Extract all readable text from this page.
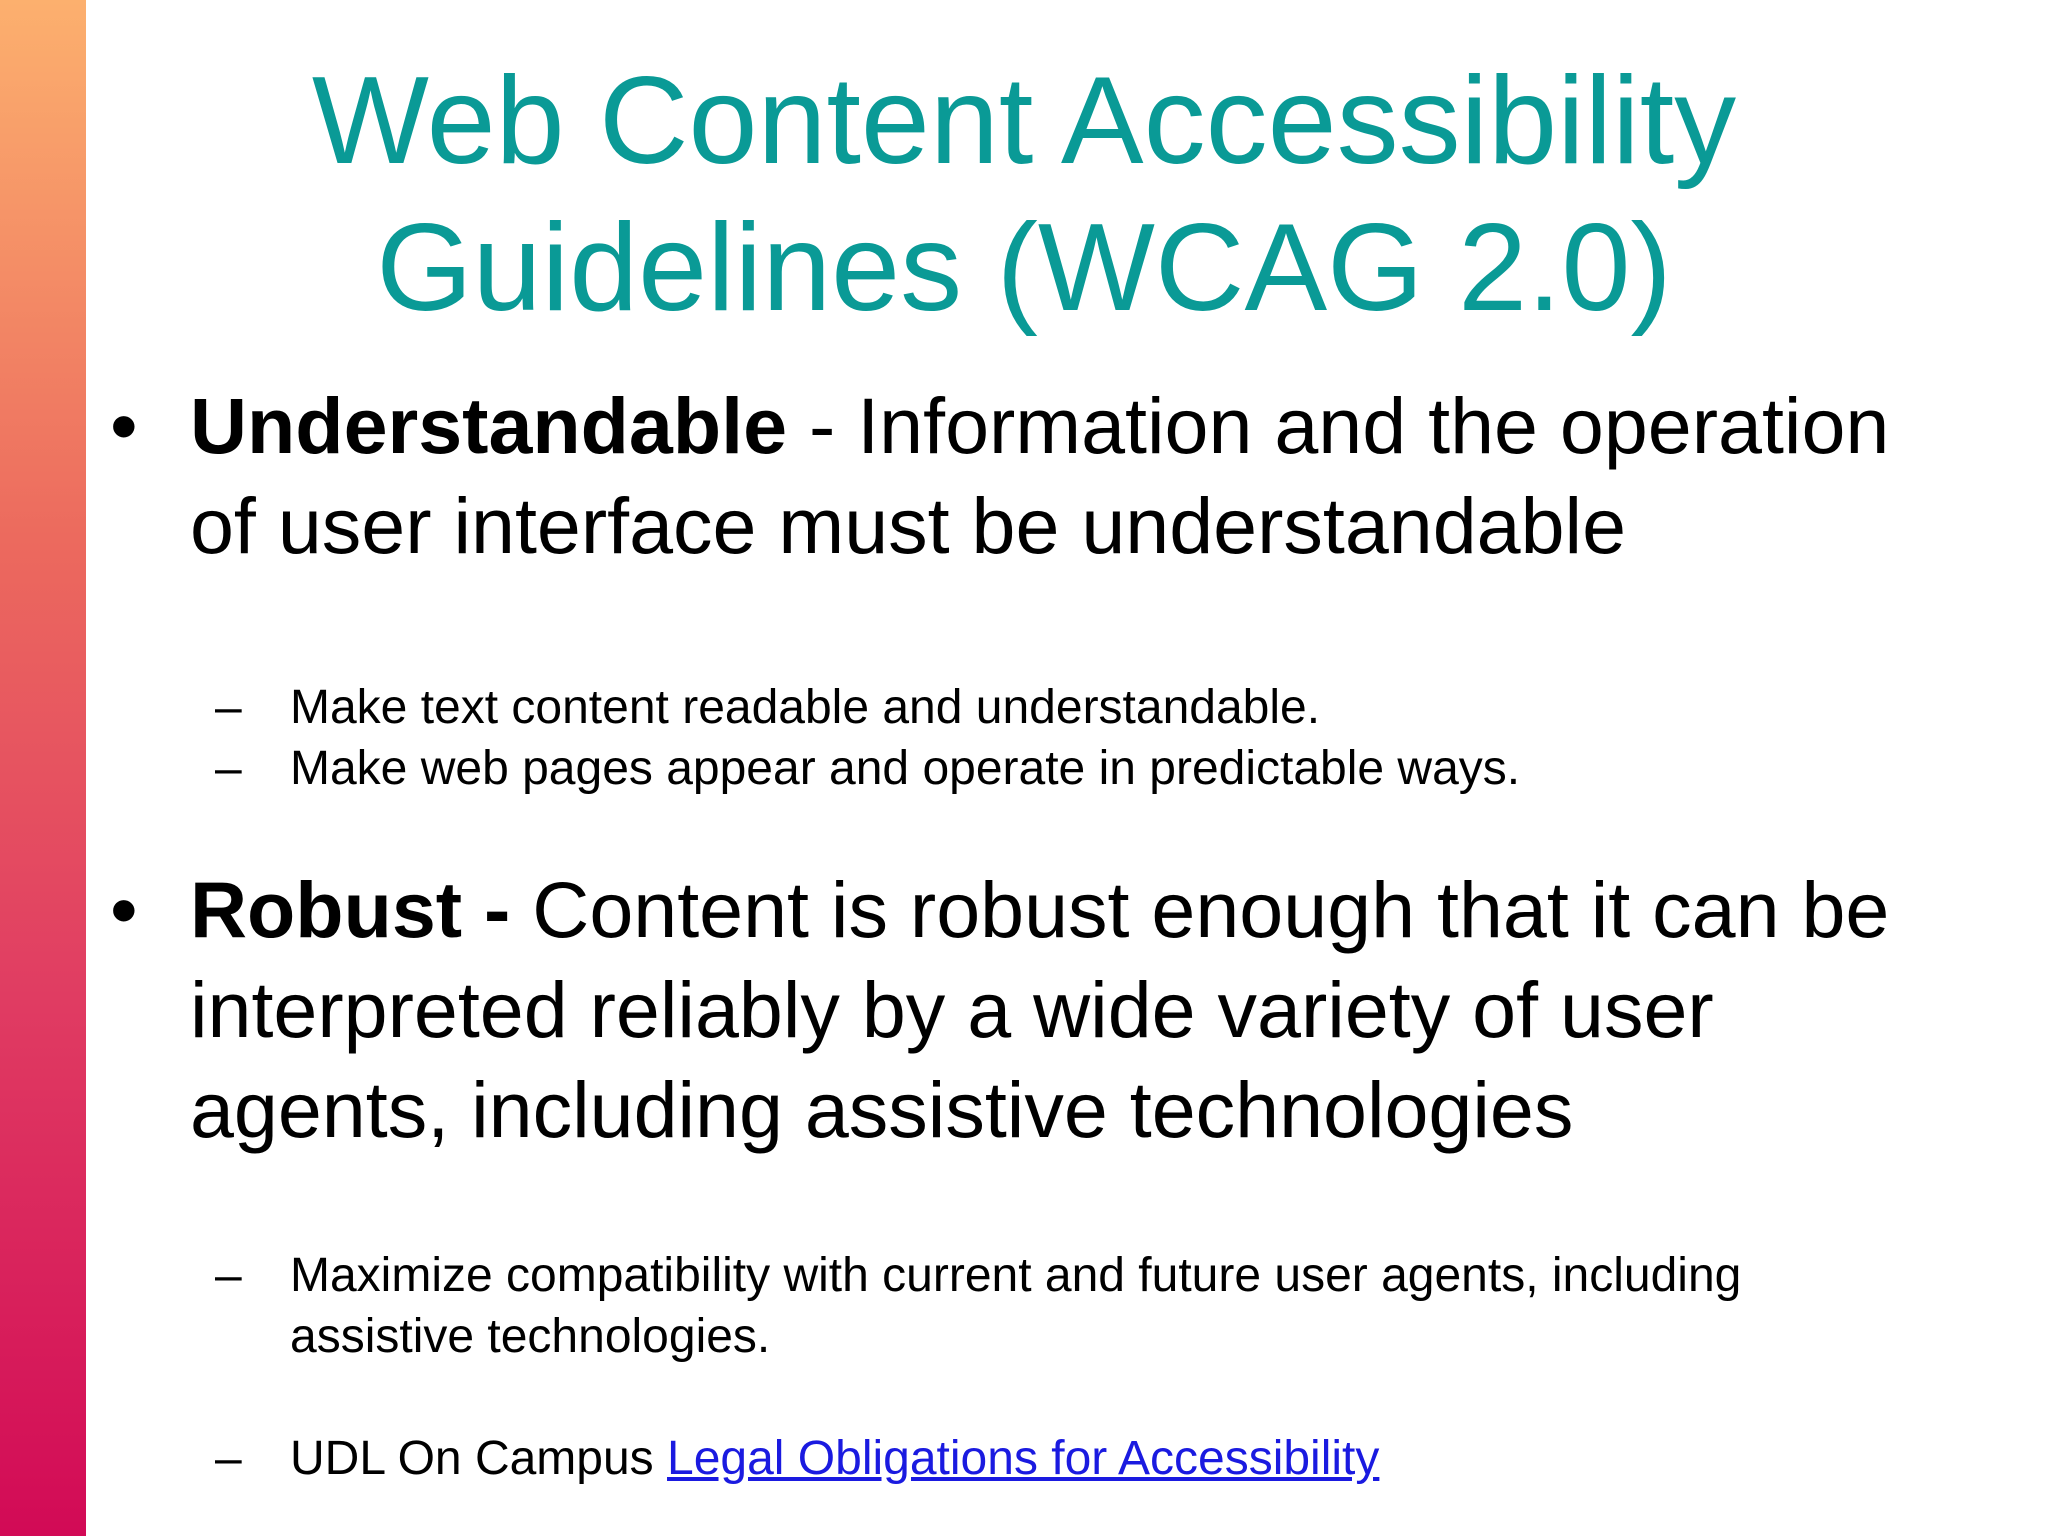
Web Content Accessibility
Guidelines (WCAG 2.0)
• Understandable - Information and the operation of user interface must be understandable
– Make text content readable and understandable.
– Make web pages appear and operate in predictable ways.
• Robust - Content is robust enough that it can be interpreted reliably by a wide variety of user agents, including assistive technologies
– Maximize compatibility with current and future user agents, including assistive technologies.
– UDL On Campus Legal Obligations for Accessibility
